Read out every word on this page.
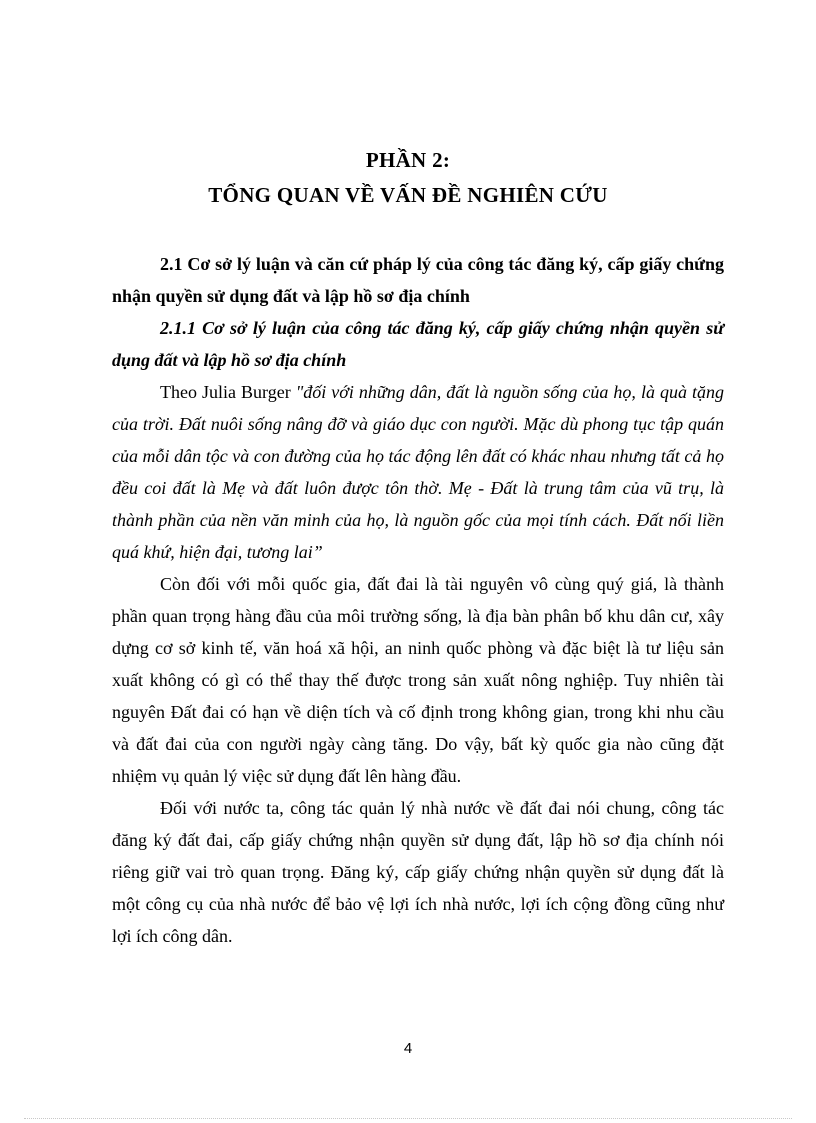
PHẦN 2:
TỔNG QUAN VỀ VẤN ĐỀ NGHIÊN CỨU

2.1 Cơ sở lý luận và căn cứ pháp lý của công tác đăng ký, cấp giấy chứng nhận quyền sử dụng đất và lập hồ sơ địa chính

2.1.1 Cơ sở lý luận của công tác đăng ký, cấp giấy chứng nhận quyền sử dụng đất và lập hồ sơ địa chính

Theo Julia Burger "đối với những dân, đất là nguồn sống của họ, là quà tặng của trời. Đất nuôi sống nâng đỡ và giáo dục con người. Mặc dù phong tục tập quán của mỗi dân tộc và con đường của họ tác động lên đất có khác nhau nhưng tất cả họ đều coi đất là Mẹ và đất luôn được tôn thờ. Mẹ - Đất là trung tâm của vũ trụ, là thành phần của nền văn minh của họ, là nguồn gốc của mọi tính cách. Đất nối liền quá khứ, hiện đại, tương lai”

Còn đối với mỗi quốc gia, đất đai là tài nguyên vô cùng quý giá, là thành phần quan trọng hàng đầu của môi trường sống, là địa bàn phân bố khu dân cư, xây dựng cơ sở kinh tế, văn hoá xã hội, an ninh quốc phòng và đặc biệt là tư liệu sản xuất không có gì có thể thay thế được trong sản xuất nông nghiệp. Tuy nhiên tài nguyên Đất đai có hạn về diện tích và cố định trong không gian, trong khi nhu cầu và đất đai của con người ngày càng tăng. Do vậy, bất kỳ quốc gia nào cũng đặt nhiệm vụ quản lý việc sử dụng đất lên hàng đầu.

Đối với nước ta, công tác quản lý nhà nước về đất đai nói chung, công tác đăng ký đất đai, cấp giấy chứng nhận quyền sử dụng đất, lập hồ sơ địa chính nói riêng giữ vai trò quan trọng. Đăng ký, cấp giấy chứng nhận quyền sử dụng đất là một công cụ của nhà nước để bảo vệ lợi ích nhà nước, lợi ích cộng đồng cũng như lợi ích công dân.

4
